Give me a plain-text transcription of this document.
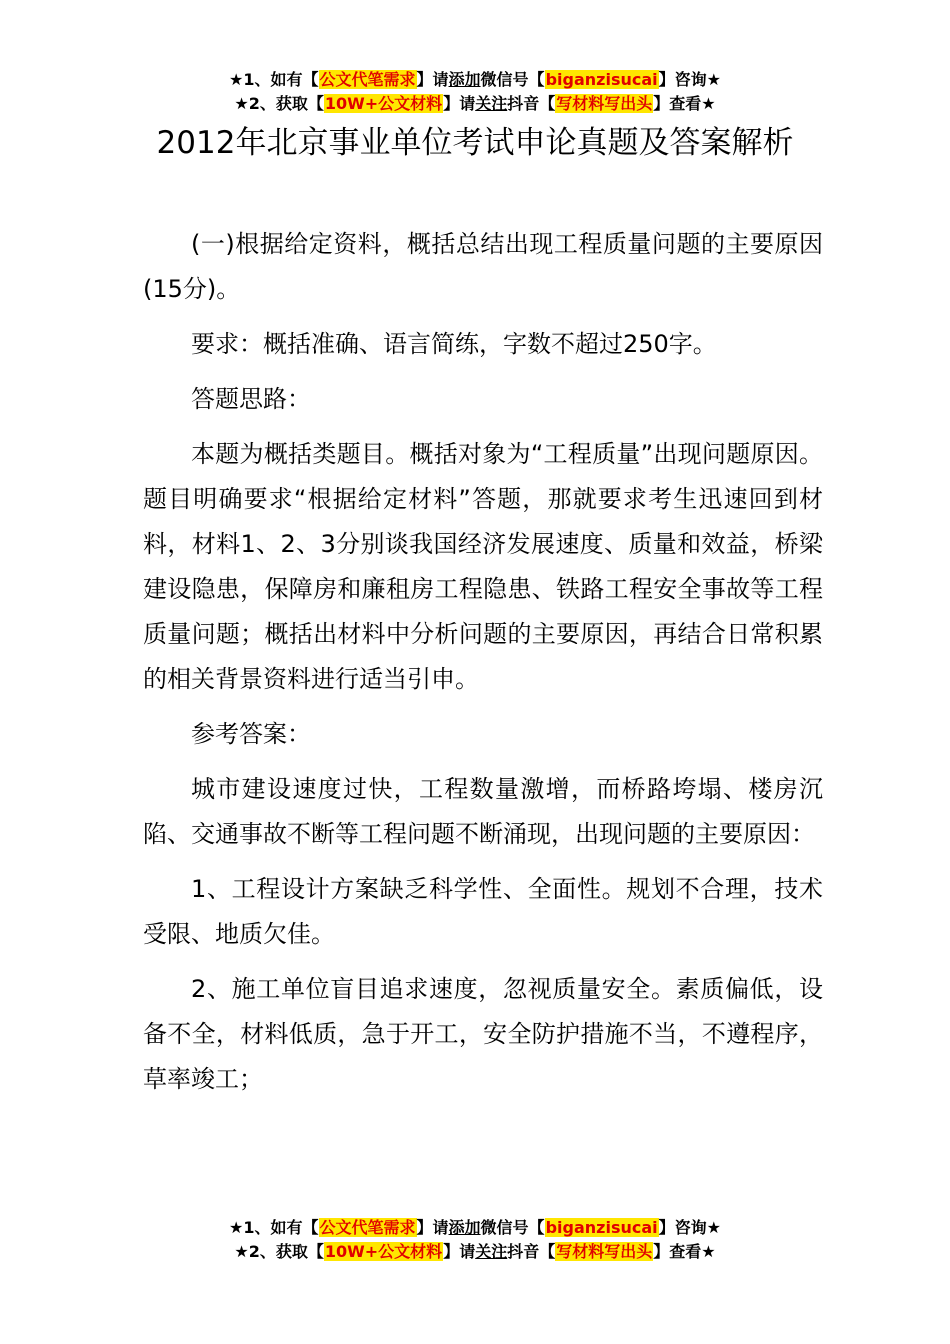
★1、如有【公文代笔需求】请添加微信号【biganzisucai】咨询★
★2、获取【10W+公文材料】请关注抖音【写材料写出头】查看★
2012年北京事业单位考试申论真题及答案解析

(一)根据给定资料，概括总结出现工程质量问题的主要原因(15分)。

要求：概括准确、语言简练，字数不超过250字。

答题思路：

本题为概括类题目。概括对象为“工程质量”出现问题原因。题目明确要求“根据给定材料”答题，那就要求考生迅速回到材料，材料1、2、3分别谈我国经济发展速度、质量和效益，桥梁建设隐患，保障房和廉租房工程隐患、铁路工程安全事故等工程质量问题；概括出材料中分析问题的主要原因，再结合日常积累的相关背景资料进行适当引申。

参考答案：

城市建设速度过快，工程数量激增，而桥路垮塌、楼房沉陷、交通事故不断等工程问题不断涌现，出现问题的主要原因：

1、工程设计方案缺乏科学性、全面性。规划不合理，技术受限、地质欠佳。

2、施工单位盲目追求速度，忽视质量安全。素质偏低，设备不全，材料低质，急于开工，安全防护措施不当，不遵程序，草率竣工；

★1、如有【公文代笔需求】请添加微信号【biganzisucai】咨询★
★2、获取【10W+公文材料】请关注抖音【写材料写出头】查看★
